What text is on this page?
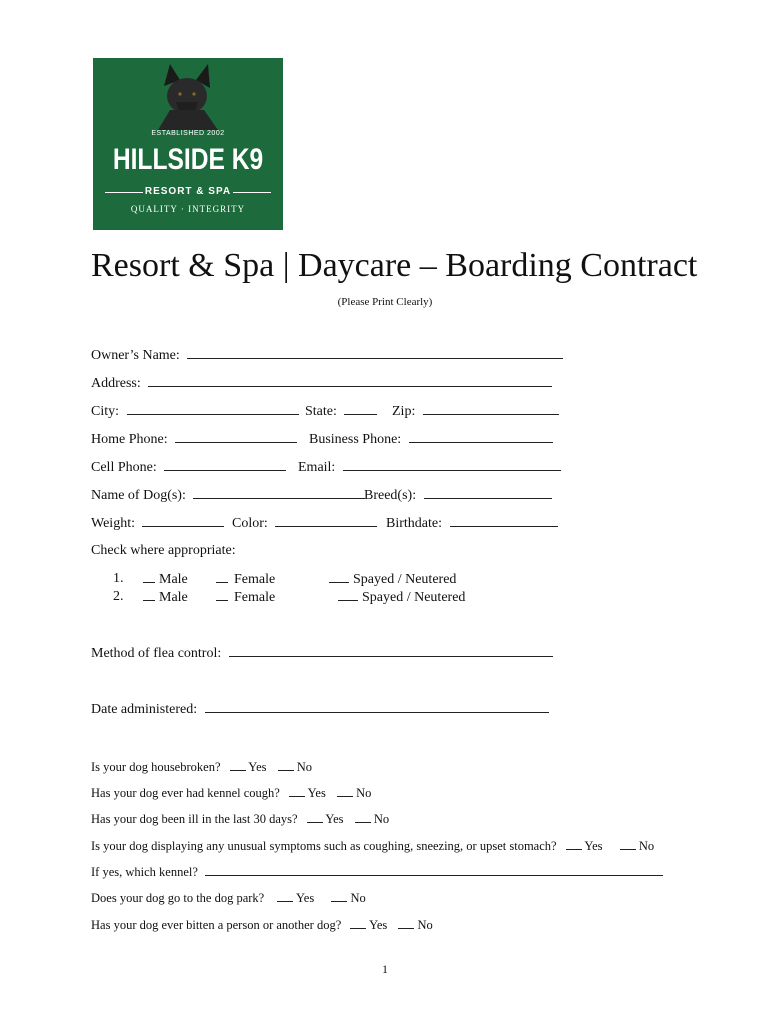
ESTABLISHED 2002
HILLSIDE K9
RESORT & SPA
QUALITY · INTEGRITY
Resort & Spa | Daycare – Boarding Contract
(Please Print Clearly)
Owner’s Name:
Address:
City:	State:	Zip:
Home Phone:	Business Phone:
Cell Phone:	Email:
Name of Dog(s):	Breed(s):
Weight:	Color:	Birthdate:
Check where appropriate:
1.	Male	Female	Spayed / Neutered
2.	Male	Female	Spayed / Neutered
Method of flea control:
Date administered:
Is your dog housebroken? Yes No
Has your dog ever had kennel cough? Yes No
Has your dog been ill in the last 30 days? Yes No
Is your dog displaying any unusual symptoms such as coughing, sneezing, or upset stomach? Yes	No
If yes, which kennel?
Does your dog go to the dog park?	Yes	No
Has your dog ever bitten a person or another dog? Yes No
1
